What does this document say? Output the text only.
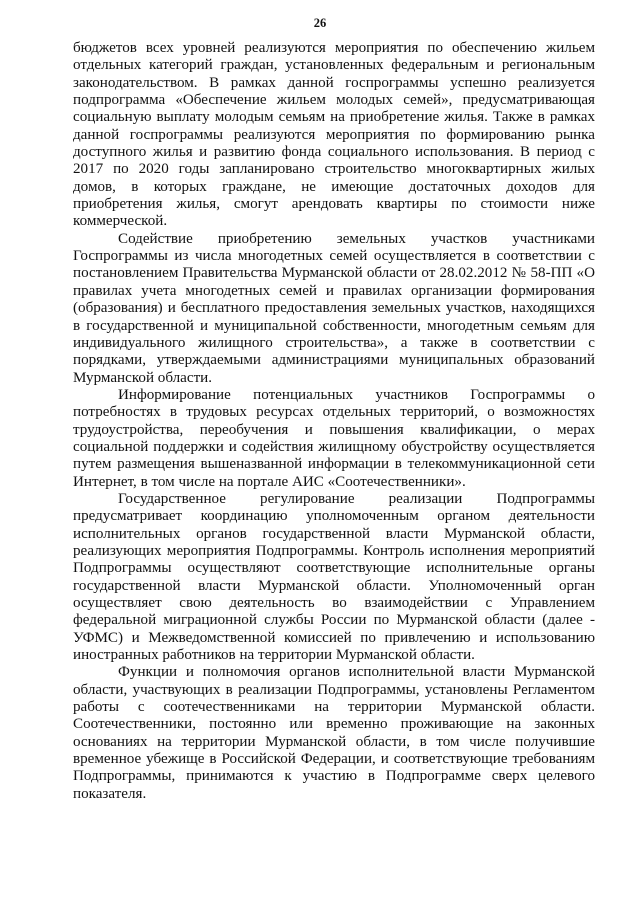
26

бюджетов всех уровней реализуются мероприятия по обеспечению жильем отдельных категорий граждан, установленных федеральным и региональным законодательством. В рамках данной госпрограммы успешно реализуется подпрограмма «Обеспечение жильем молодых семей», предусматривающая социальную выплату молодым семьям на приобретение жилья. Также в рамках данной госпрограммы реализуются мероприятия по формированию рынка доступного жилья и развитию фонда социального использования. В период с 2017 по 2020 годы запланировано строительство многоквартирных жилых домов, в которых граждане, не имеющие достаточных доходов для приобретения жилья, смогут арендовать квартиры по стоимости ниже коммерческой.

Содействие приобретению земельных участков участниками Госпрограммы из числа многодетных семей осуществляется в соответствии с постановлением Правительства Мурманской области от 28.02.2012 № 58-ПП «О правилах учета многодетных семей и правилах организации формирования (образования) и бесплатного предоставления земельных участков, находящихся в государственной и муниципальной собственности, многодетным семьям для индивидуального жилищного строительства», а также в соответствии с порядками, утверждаемыми администрациями муниципальных образований Мурманской области.

Информирование потенциальных участников Госпрограммы о потребностях в трудовых ресурсах отдельных территорий, о возможностях трудоустройства, переобучения и повышения квалификации, о мерах социальной поддержки и содействия жилищному обустройству осуществляется путем размещения вышеназванной информации в телекоммуникационной сети Интернет, в том числе на портале АИС «Соотечественники».

Государственное регулирование реализации Подпрограммы предусматривает координацию уполномоченным органом деятельности исполнительных органов государственной власти Мурманской области, реализующих мероприятия Подпрограммы. Контроль исполнения мероприятий Подпрограммы осуществляют соответствующие исполнительные органы государственной власти Мурманской области. Уполномоченный орган осуществляет свою деятельность во взаимодействии с Управлением федеральной миграционной службы России по Мурманской области (далее - УФМС) и Межведомственной комиссией по привлечению и использованию иностранных работников на территории Мурманской области.

Функции и полномочия органов исполнительной власти Мурманской области, участвующих в реализации Подпрограммы, установлены Регламентом работы с соотечественниками на территории Мурманской области. Соотечественники, постоянно или временно проживающие на законных основаниях на территории Мурманской области, в том числе получившие временное убежище в Российской Федерации, и соответствующие требованиям Подпрограммы, принимаются к участию в Подпрограмме сверх целевого показателя.
